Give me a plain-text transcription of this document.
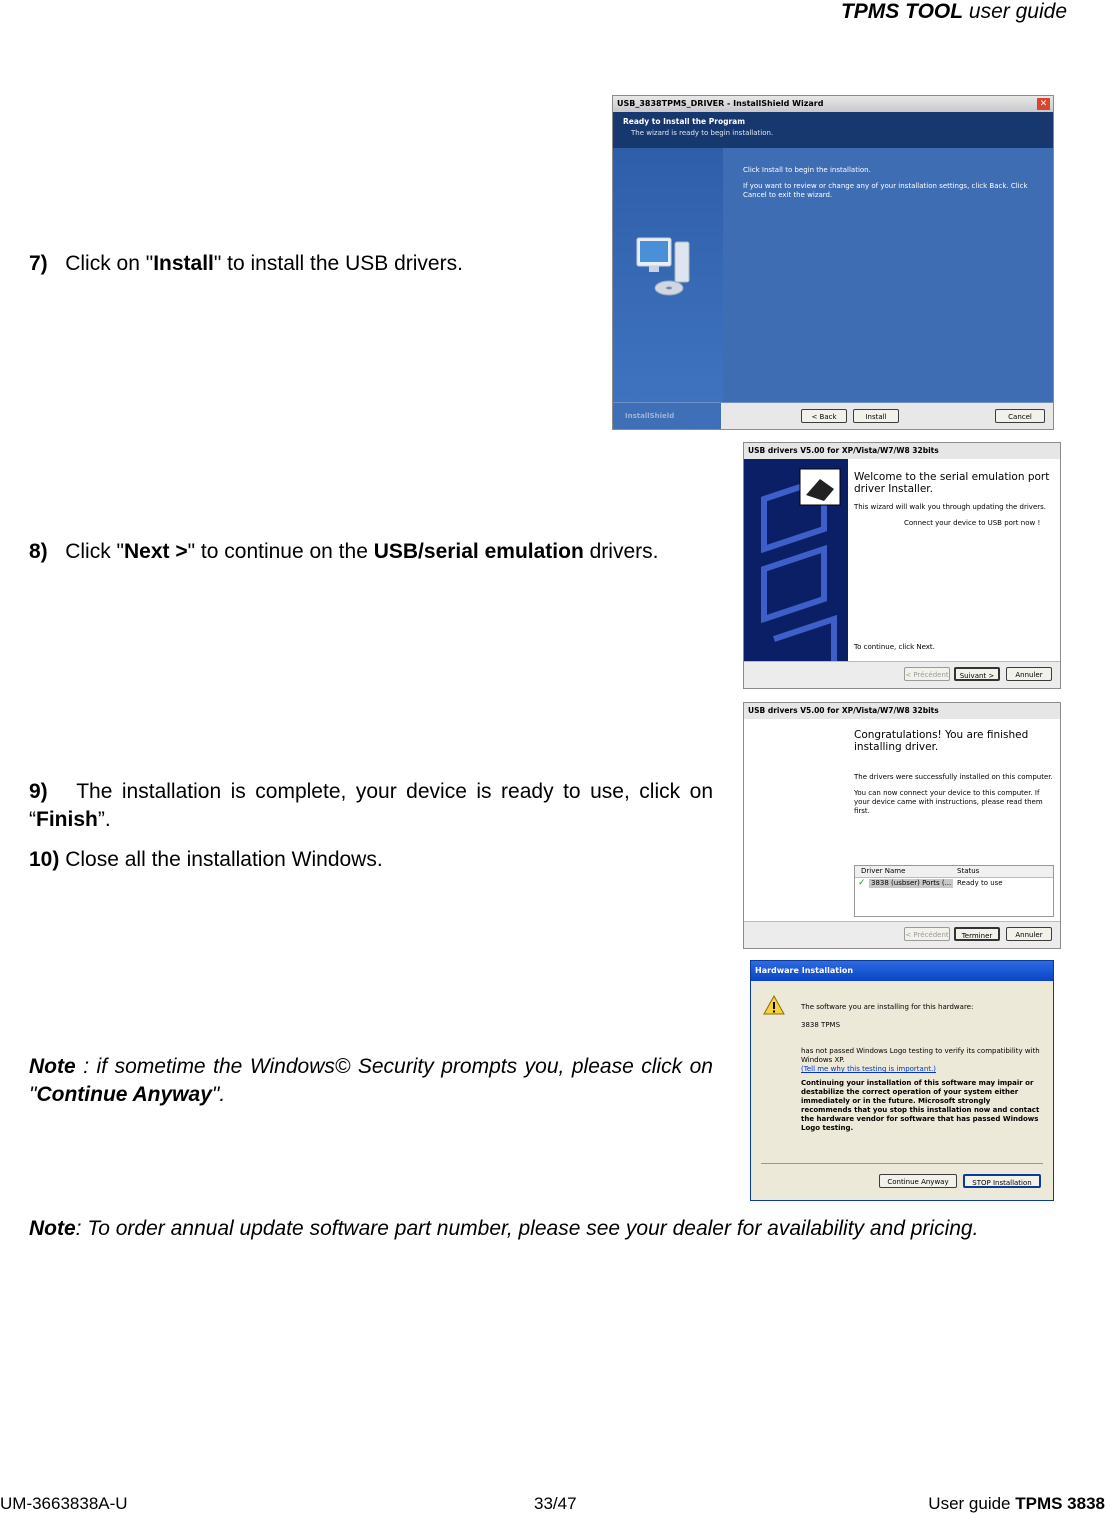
TPMS TOOL user guide
7) Click on "Install" to install the USB drivers.
USB_3838TPMS_DRIVER - InstallShield Wizard	✕
Ready to Install the Program
The wizard is ready to begin installation.
Click Install to begin the installation.
If you want to review or change any of your installation settings, click Back. Click Cancel to exit the wizard.
InstallShield	< Back	Install	Cancel
8) Click "Next >" to continue on the USB/serial emulation drivers.
USB drivers V5.00 for XP/Vista/W7/W8 32bits
Welcome to the serial emulation port driver Installer.
This wizard will walk you through updating the drivers.
Connect your device to USB port now !
To continue, click Next.
< Précédent	Suivant >	Annuler
9) The installation is complete, your device is ready to use, click on “Finish”.
10) Close all the installation Windows.
USB drivers V5.00 for XP/Vista/W7/W8 32bits
Congratulations! You are finished installing driver.
The drivers were successfully installed on this computer.
You can now connect your device to this computer. If your device came with instructions, please read them first.
Driver Name	Status
✓ 3838 (usbser) Ports (... Ready to use
< Précédent	Terminer	Annuler
Note : if sometime the Windows© Security prompts you, please click on "Continue Anyway".
Hardware Installation
The software you are installing for this hardware:
3838 TPMS
has not passed Windows Logo testing to verify its compatibility with Windows XP.
(Tell me why this testing is important.)
Continuing your installation of this software may impair or destabilize the correct operation of your system either immediately or in the future. Microsoft strongly recommends that you stop this installation now and contact the hardware vendor for software that has passed Windows Logo testing.
Continue Anyway	STOP Installation
Note: To order annual update software part number, please see your dealer for availability and pricing.
UM-3663838A-U	33/47	User guide TPMS 3838
